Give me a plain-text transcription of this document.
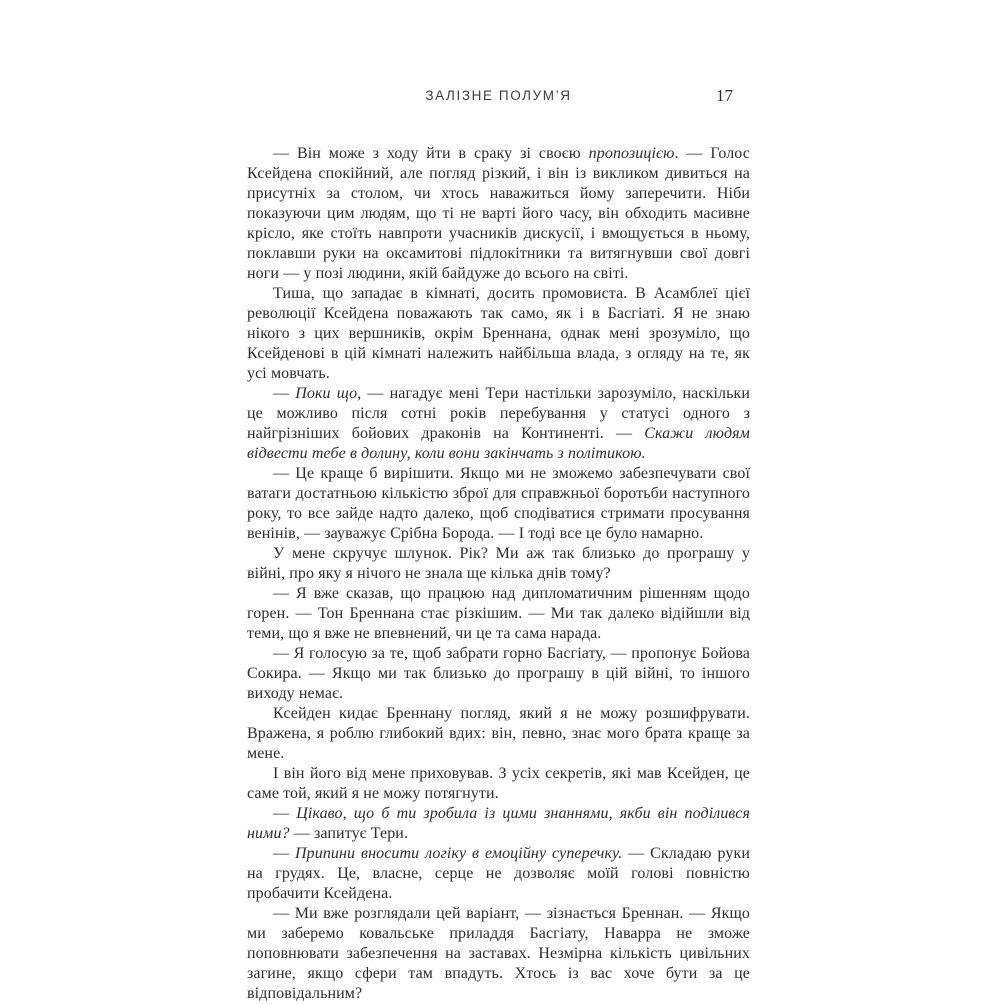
ЗАЛІЗНЕ ПОЛУМ’Я	17

— Він може з ходу йти в сраку зі своєю пропозицією. — Голос Ксейдена спокійний, але погляд різкий, і він із викликом дивиться на присутніх за столом, чи хтось наважиться йому заперечити. Ніби показуючи цим людям, що ті не варті його часу, він обходить масивне крісло, яке стоїть навпроти учасників дискусії, і вмощується в ньому, поклавши руки на оксамитові підлокітники та витягнувши свої довгі ноги — у позі людини, якій байдуже до всього на світі.

Тиша, що западає в кімнаті, досить промовиста. В Асамблеї цієї революції Ксейдена поважають так само, як і в Басгіаті. Я не знаю нікого з цих вершників, окрім Бреннана, однак мені зрозуміло, що Ксейденові в цій кімнаті належить найбільша влада, з огляду на те, як усі мовчать.

— Поки що, — нагадує мені Тери настільки зарозуміло, наскільки це можливо після сотні років перебування у статусі одного з найгрізніших бойових драконів на Континенті. — Скажи людям відвести тебе в долину, коли вони закінчать з політикою.

— Це краще б вирішити. Якщо ми не зможемо забезпечувати свої ватаги достатньою кількістю зброї для справжньої боротьби наступного року, то все зайде надто далеко, щоб сподіватися стримати просування венінів, — зауважує Срібна Борода. — І тоді все це було намарно.

У мене скручує шлунок. Рік? Ми аж так близько до програшу у війні, про яку я нічого не знала ще кілька днів тому?

— Я вже сказав, що працюю над дипломатичним рішенням щодо горен. — Тон Бреннана стає різкішим. — Ми так далеко відійшли від теми, що я вже не впевнений, чи це та сама нарада.

— Я голосую за те, щоб забрати горно Басгіату, — пропонує Бойова Сокира. — Якщо ми так близько до програшу в цій війні, то іншого виходу немає.

Ксейден кидає Бреннану погляд, який я не можу розшифрувати. Вражена, я роблю глибокий вдих: він, певно, знає мого брата краще за мене.

І він його від мене приховував. З усіх секретів, які мав Ксейден, це саме той, який я не можу потягнути.

— Цікаво, що б ти зробила із цими знаннями, якби він поділився ними? — запитує Тери.

— Припини вносити логіку в емоційну суперечку. — Складаю руки на грудях. Це, власне, серце не дозволяє моїй голові повністю пробачити Ксейдена.

— Ми вже розглядали цей варіант, — зізнається Бреннан. — Якщо ми заберемо ковальське приладдя Басгіату, Наварра не зможе поповнювати забезпечення на заставах. Незмірна кількість цивільних загине, якщо сфери там впадуть. Хтось із вас хоче бути за це відповідальним?
